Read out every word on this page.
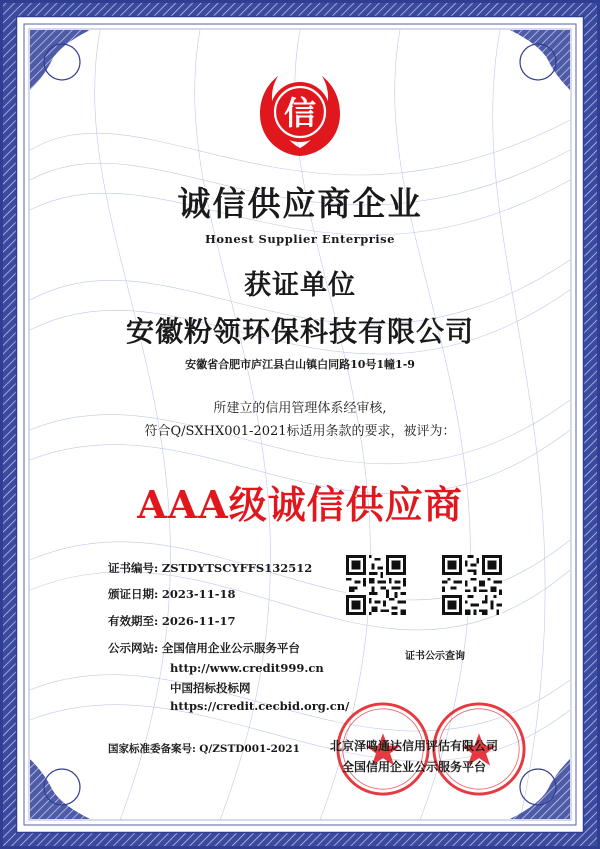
信
诚信供应商企业
Honest Supplier Enterprise
获证单位
安徽粉领环保科技有限公司
安徽省合肥市庐江县白山镇白同路10号1幢1-9
所建立的信用管理体系经审核,
符合Q/SXHX001-2021标适用条款的要求，被评为：
AAA级诚信供应商
证书编号: ZSTDYTSCYFFS132512
颁证日期: 2023-11-18
有效期至: 2026-11-17
公示网站: 全国信用企业公示服务平台
http://www.credit999.cn
中国招标投标网
https://credit.cecbid.org.cn/
国家标准委备案号: Q/ZSTD001-2021
证书公示查询
北京泽鸣通达信用评估有限公司
全国信用企业公示服务平台
